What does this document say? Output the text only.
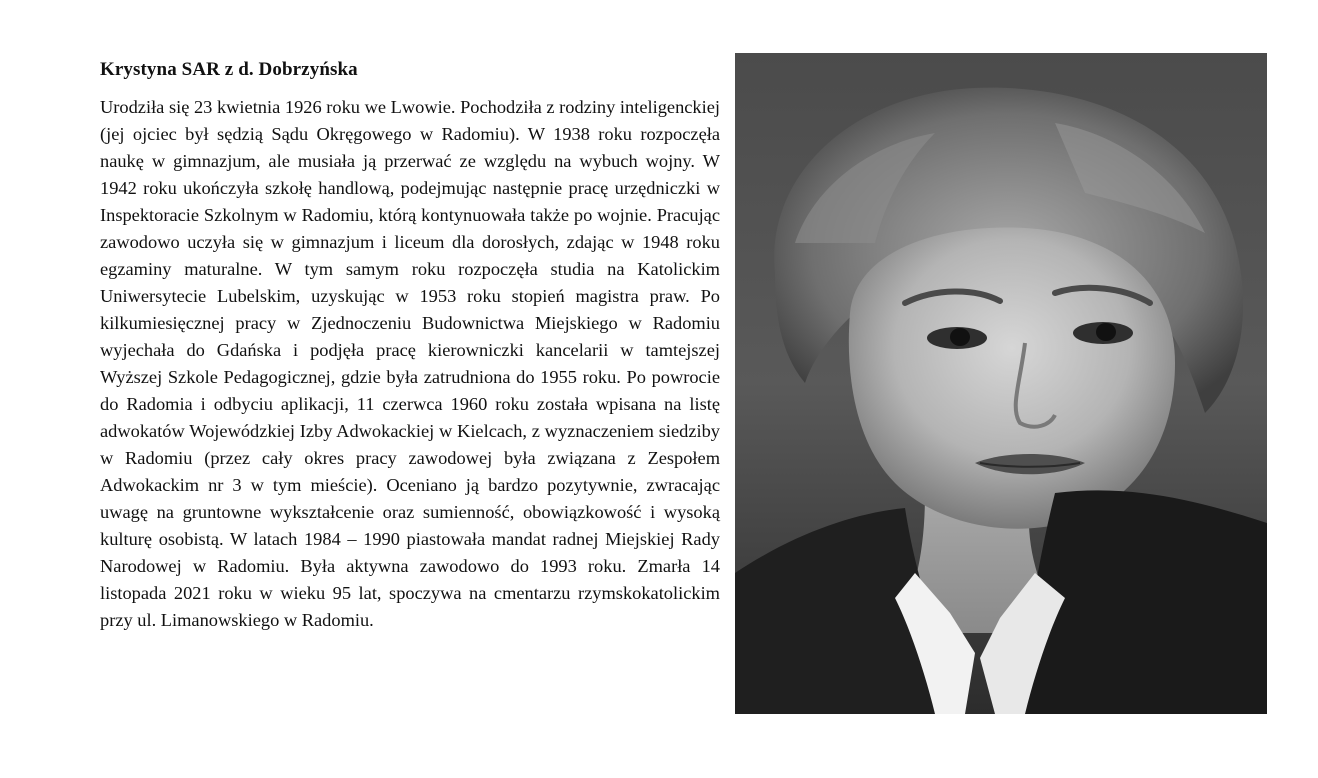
Krystyna SAR z d. Dobrzyńska

Urodziła się 23 kwietnia 1926 roku we Lwowie. Pochodziła z rodziny inteligenckiej (jej ojciec był sędzią Sądu Okręgowego w Radomiu). W 1938 roku rozpoczęła naukę w gimnazjum, ale musiała ją przerwać ze względu na wybuch wojny. W 1942 roku ukończyła szkołę handlową, podejmując następnie pracę urzędniczki w Inspektoracie Szkolnym w Radomiu, którą kontynuowała także po wojnie. Pracując zawodowo uczyła się w gimnazjum i liceum dla dorosłych, zdając w 1948 roku egzaminy maturalne. W tym samym roku rozpoczęła studia na Katolickim Uniwersytecie Lubelskim, uzyskując w 1953 roku stopień magistra praw. Po kilkumiesięcznej pracy w Zjednoczeniu Budownictwa Miejskiego w Radomiu wyjechała do Gdańska i podjęła pracę kierowniczki kancelarii w tamtejszej Wyższej Szkole Pedagogicznej, gdzie była zatrudniona do 1955 roku. Po powrocie do Radomia i odbyciu aplikacji, 11 czerwca 1960 roku została wpisana na listę adwokatów Wojewódzkiej Izby Adwokackiej w Kielcach, z wyznaczeniem siedziby w Radomiu (przez cały okres pracy zawodowej była związana z Zespołem Adwokackim nr 3 w tym mieście). Oceniano ją bardzo pozytywnie, zwracając uwagę na gruntowne wykształcenie oraz sumienność, obowiązkowość i wysoką kulturę osobistą. W latach 1984 – 1990 piastowała mandat radnej Miejskiej Rady Narodowej w Radomiu. Była aktywna zawodowo do 1993 roku. Zmarła 14 listopada 2021 roku w wieku 95 lat, spoczywa na cmentarzu rzymskokatolickim przy ul. Limanowskiego w Radomiu.
